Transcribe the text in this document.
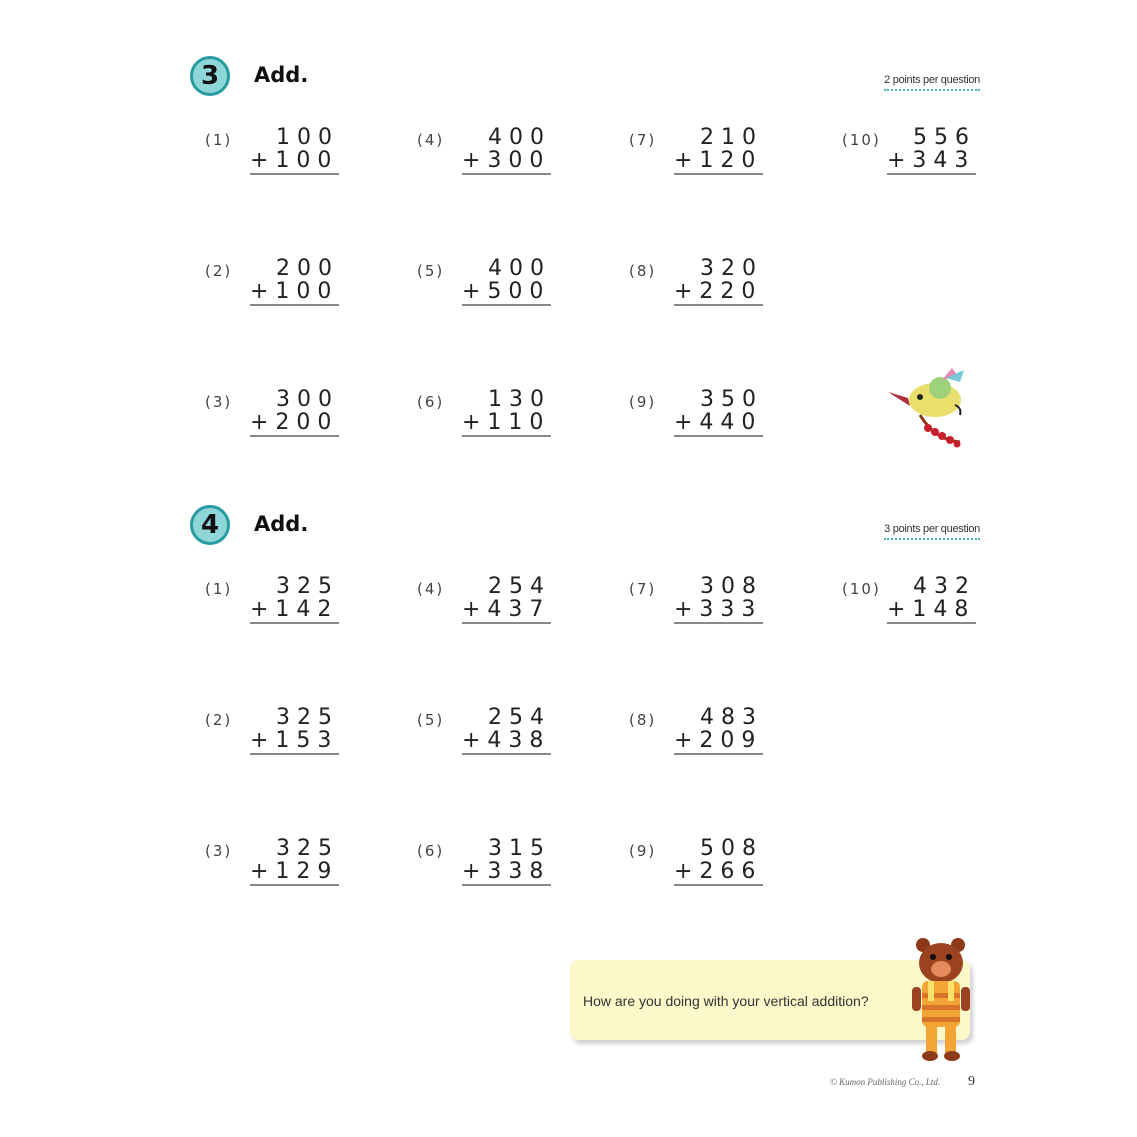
3	Add.	2 points per question
(1) 100
+100
(2) 200
+100
(3) 300
+200
(4) 400
+300
(5) 400
+500
(6) 130
+110
(7) 210
+120
(8) 320
+220
(9) 350
+440
(10) 556
+343
4	Add.	3 points per question
(1) 325
+142
(2) 325
+153
(3) 325
+129
(4) 254
+437
(5) 254
+438
(6) 315
+338
(7) 308
+333
(8) 483
+209
(9) 508
+266
(10) 432
+148
How are you doing with your vertical addition?
© Kumon Publishing Co., Ltd. 9
